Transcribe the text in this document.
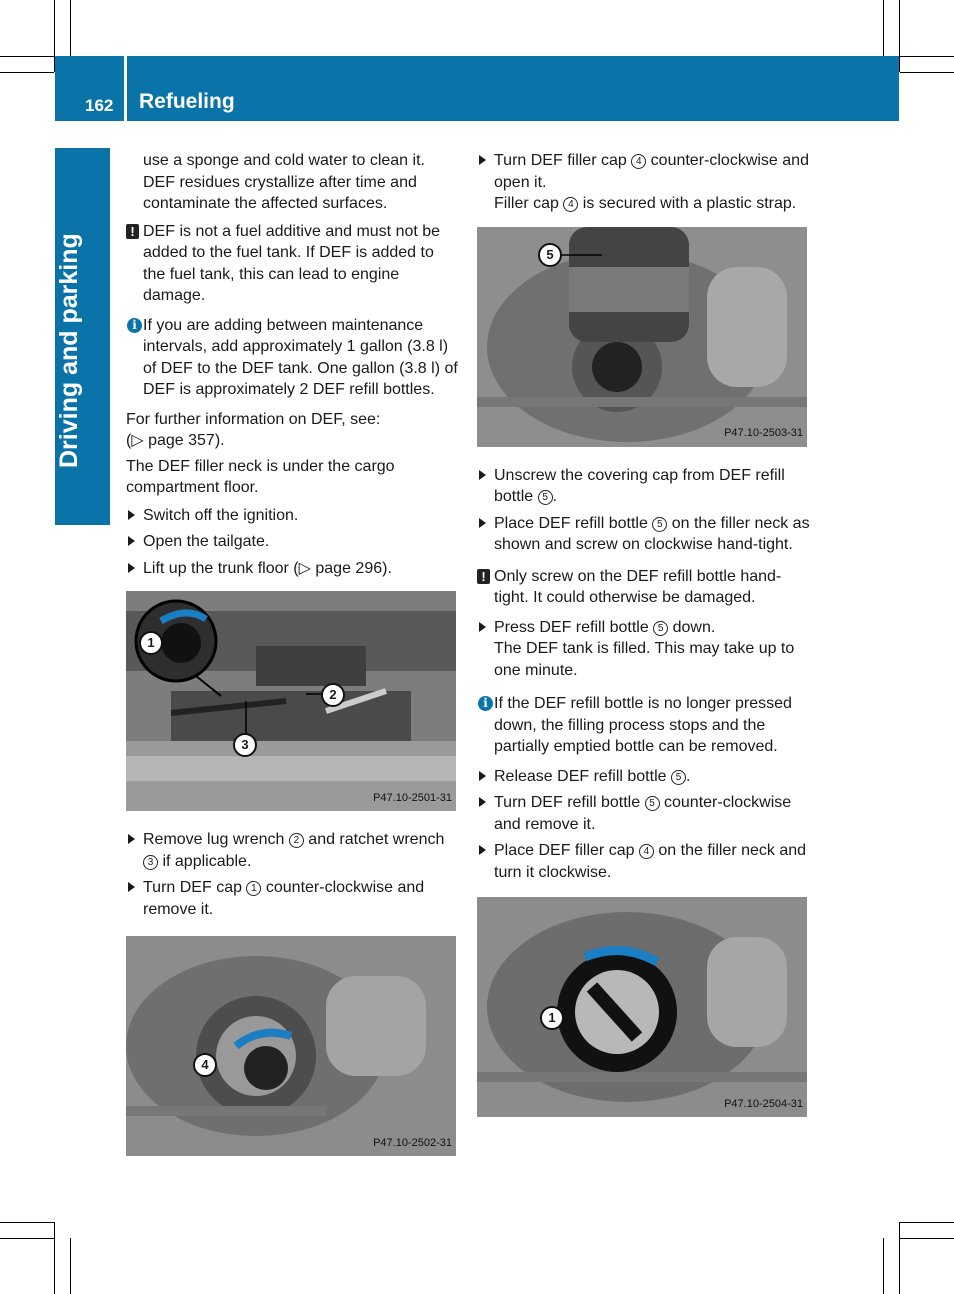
162 Refueling
Driving and parking

use a sponge and cold water to clean it. DEF residues crystallize after time and contaminate the affected surfaces.

! DEF is not a fuel additive and must not be added to the fuel tank. If DEF is added to the fuel tank, this can lead to engine damage.
i If you are adding between maintenance intervals, add approximately 1 gallon (3.8 l) of DEF to the DEF tank. One gallon (3.8 l) of DEF is approximately 2 DEF refill bottles.

For further information on DEF, see:
(▷ page 357).

The DEF filler neck is under the cargo compartment floor.

Switch off the ignition.
Open the tailgate.
Lift up the trunk floor (▷ page 296).
1
2
3
P47.10-2501-31
Remove lug wrench 2 and ratchet wrench 3 if applicable.
Turn DEF cap 1 counter-clockwise and remove it.
4
P47.10-2502-31
Turn DEF filler cap 4 counter-clockwise and open it.

Filler cap 4 is secured with a plastic strap.

5
P47.10-2503-31
Unscrew the covering cap from DEF refill bottle 5 .
Place DEF refill bottle 5 on the filler neck as shown and screw on clockwise hand-tight.
! Only screw on the DEF refill bottle hand-tight. It could otherwise be damaged.
Press DEF refill bottle 5 down.

The DEF tank is filled. This may take up to one minute.

i If the DEF refill bottle is no longer pressed down, the filling process stops and the partially emptied bottle can be removed.
Release DEF refill bottle 5 .
Turn DEF refill bottle 5 counter-clockwise and remove it.
Place DEF filler cap 4 on the filler neck and turn it clockwise.
1
P47.10-2504-31
